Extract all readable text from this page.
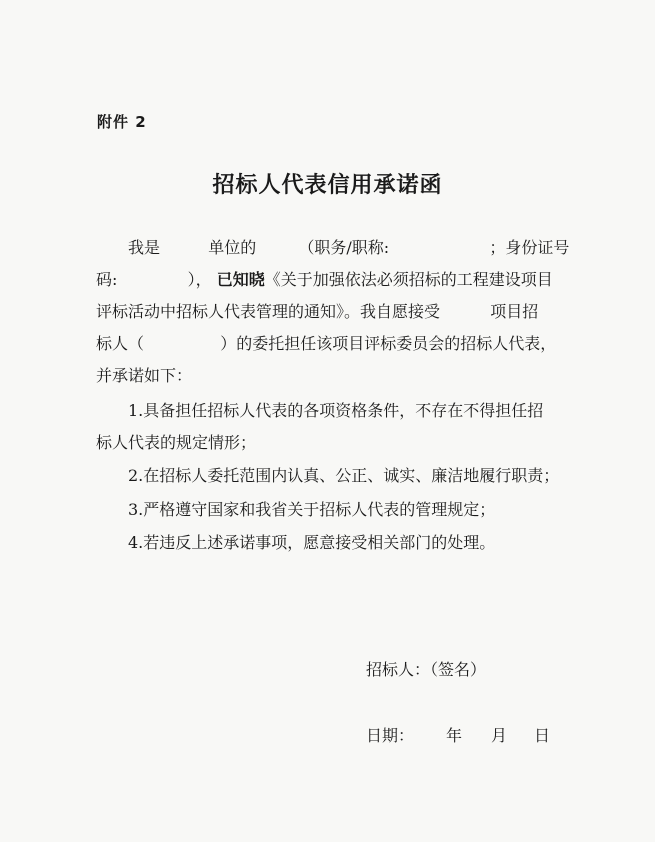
附件 2
招标人代表信用承诺函
我是	单位的	（职务/职称:	；身份证号
码:	）， 已知晓《关于加强依法必须招标的工程建设项目
评标活动中招标人代表管理的通知》。我自愿接受	项目招
标人（	）的委托担任该项目评标委员会的招标人代表，
并承诺如下：
1.具备担任招标人代表的各项资格条件，不存在不得担任招
标人代表的规定情形；
2.在招标人委托范围内认真、公正、诚实、廉洁地履行职责；
3.严格遵守国家和我省关于招标人代表的管理规定；
4.若违反上述承诺事项，愿意接受相关部门的处理。
招标人：（签名）
日期： 年 月 日
